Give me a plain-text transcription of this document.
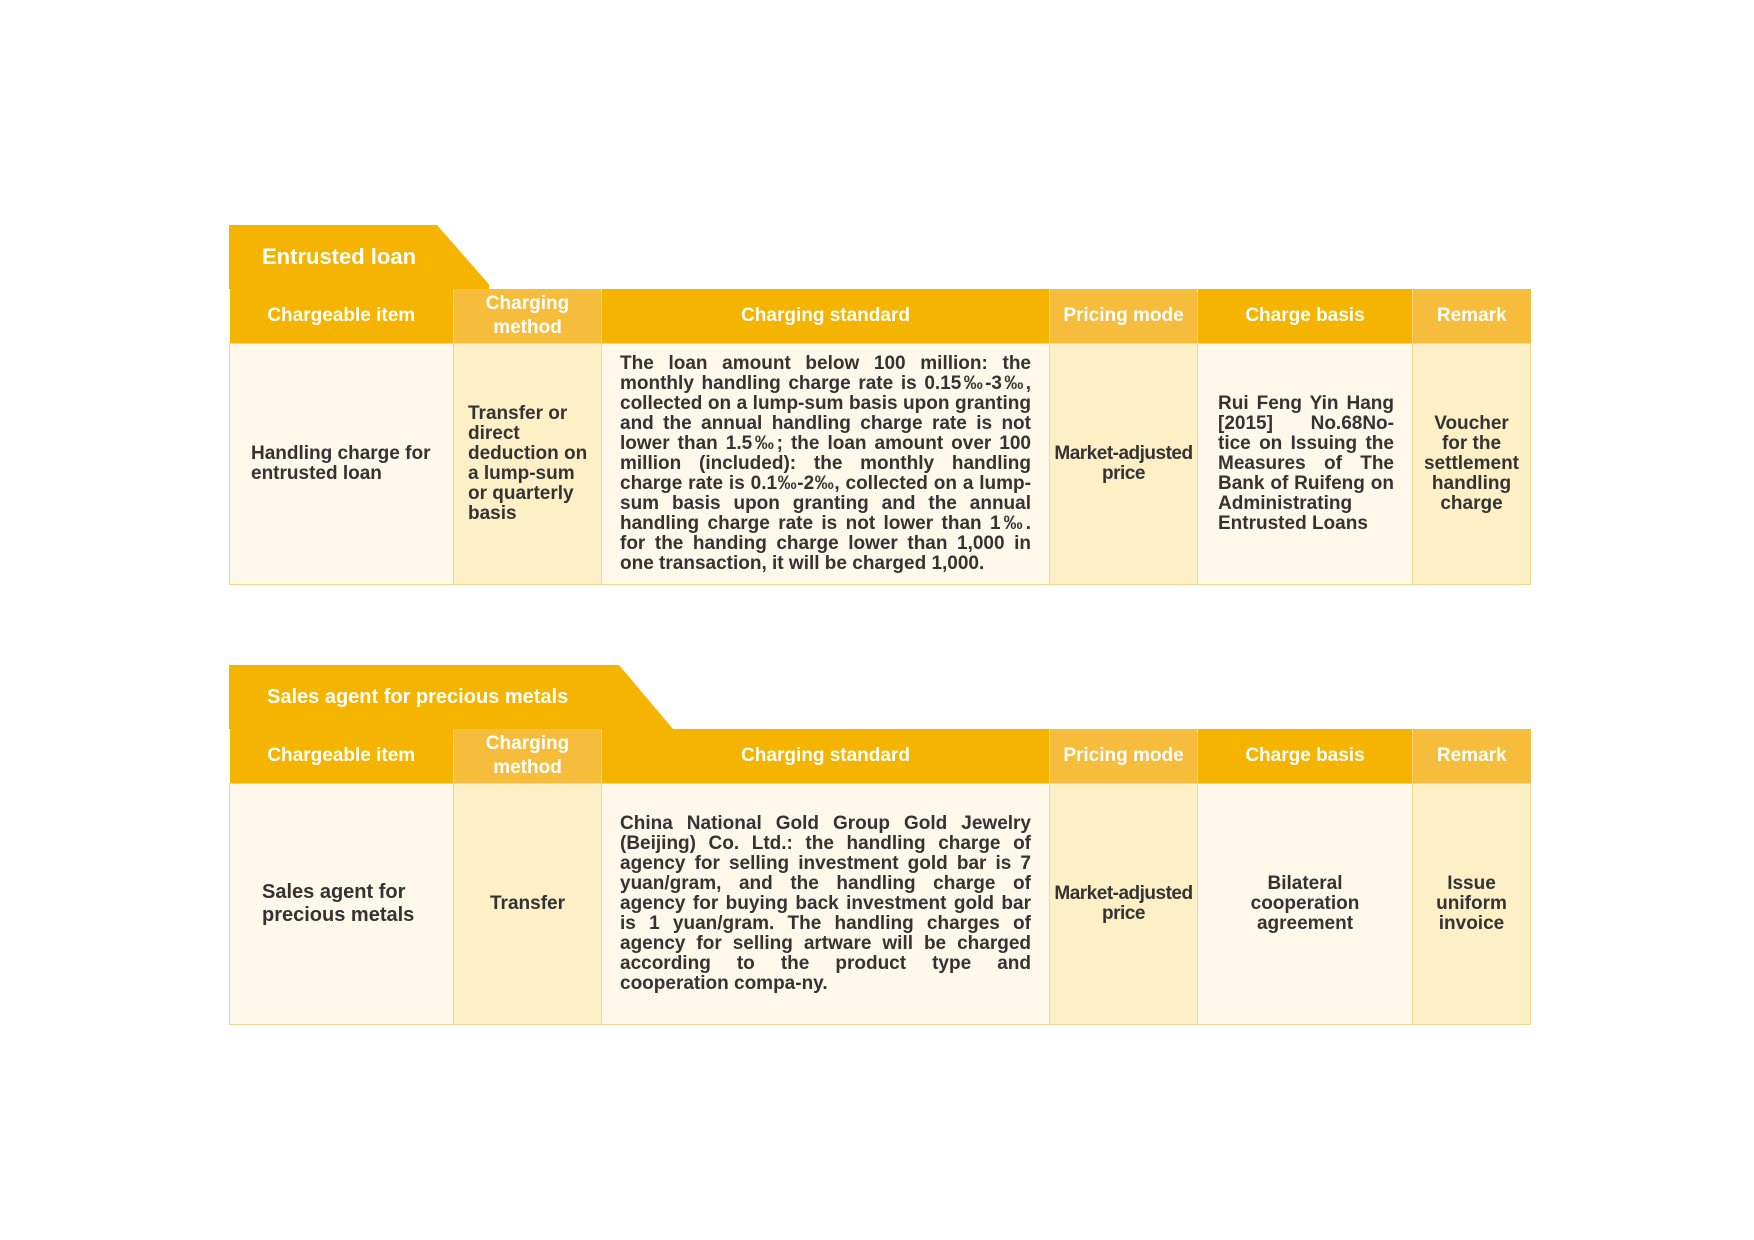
Entrusted loan
Chargeable item	Charging method	Charging standard	Pricing mode	Charge basis	Remark
Handling charge for entrusted loan	Transfer or direct deduction on a lump-sum or quarterly basis	The loan amount below 100 million: the monthly handling charge rate is 0.15‰-3‰, collected on a lump-sum basis upon granting and the annual handling charge rate is not lower than 1.5‰; the loan amount over 100 million (included): the monthly handling charge rate is 0.1‰-2‰, collected on a lump-sum basis upon granting and the annual handling charge rate is not lower than 1‰. for the handing charge lower than 1,000 in one transaction, it will be charged 1,000.	Market-adjusted price	Rui Feng Yin Hang [2015] No.68No-tice on Issuing the Measures of The Bank of Ruifeng on Administrating Entrusted Loans	Voucher for the settlement handling charge
Sales agent for precious metals
Chargeable item	Charging method	Charging standard	Pricing mode	Charge basis	Remark
Sales agent for precious metals	Transfer	China National Gold Group Gold Jewelry (Beijing) Co. Ltd.: the handling charge of agency for selling investment gold bar is 7 yuan/gram, and the handling charge of agency for buying back investment gold bar is 1 yuan/gram. The handling charges of agency for selling artware will be charged according to the product type and cooperation compa-ny.	Market-adjusted price	Bilateral cooperation agreement	Issue uniform invoice
